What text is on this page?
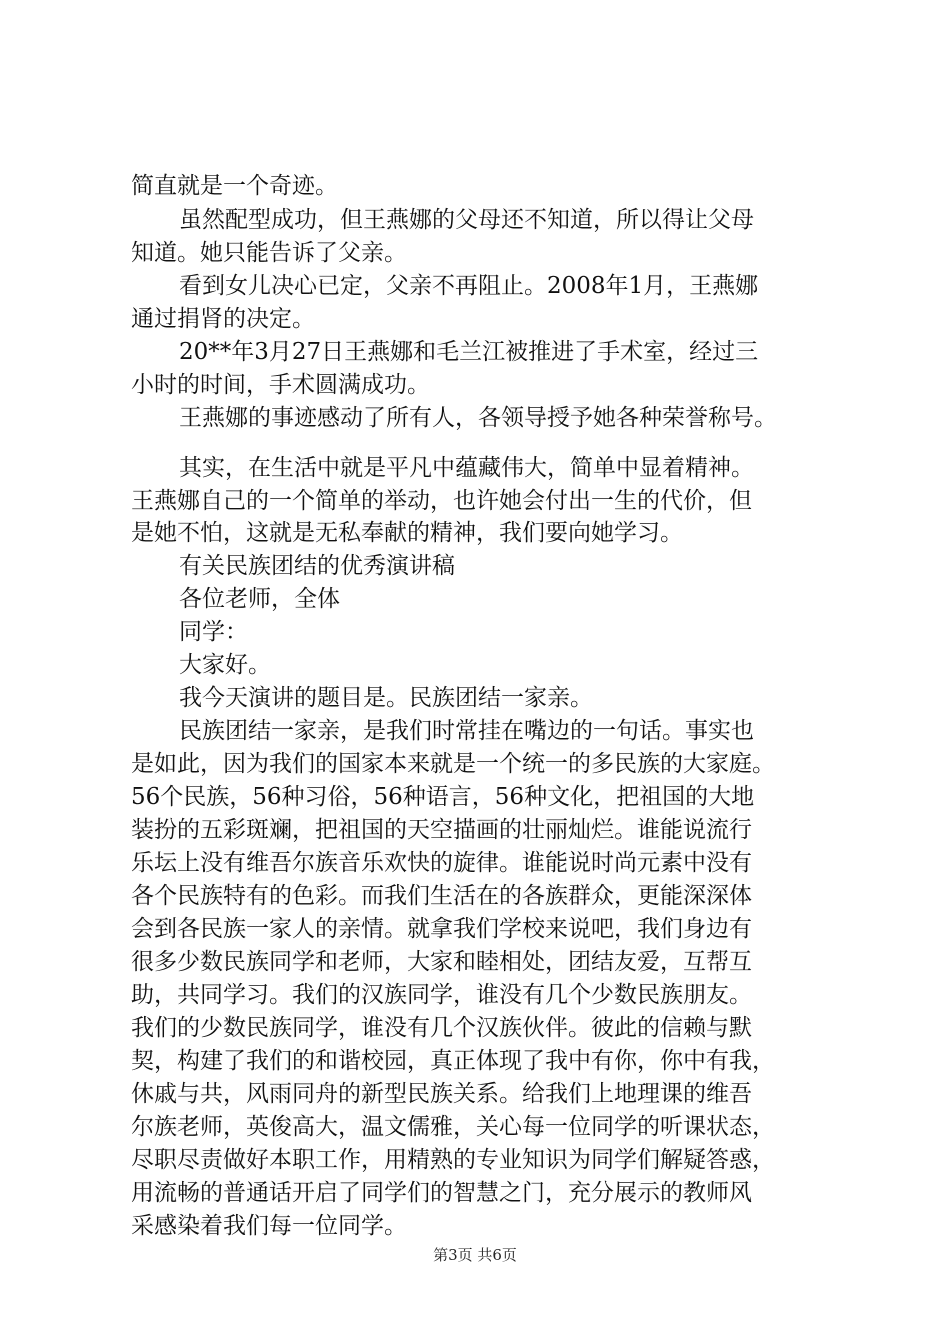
简直就是一个奇迹。
虽然配型成功，但王燕娜的父母还不知道，所以得让父母
知道。她只能告诉了父亲。
看到女儿决心已定，父亲不再阻止。2008年1月，王燕娜
通过捐肾的决定。
20**年3月27日王燕娜和毛兰江被推进了手术室，经过三
小时的时间，手术圆满成功。
王燕娜的事迹感动了所有人，各领导授予她各种荣誉称号。
其实，在生活中就是平凡中蕴藏伟大，简单中显着精神。
王燕娜自己的一个简单的举动，也许她会付出一生的代价，但
是她不怕，这就是无私奉献的精神，我们要向她学习。
有关民族团结的优秀演讲稿
各位老师，全体
同学：
大家好。
我今天演讲的题目是。民族团结一家亲。
民族团结一家亲，是我们时常挂在嘴边的一句话。事实也
是如此，因为我们的国家本来就是一个统一的多民族的大家庭。
56个民族，56种习俗，56种语言，56种文化，把祖国的大地
装扮的五彩斑斓，把祖国的天空描画的壮丽灿烂。谁能说流行
乐坛上没有维吾尔族音乐欢快的旋律。谁能说时尚元素中没有
各个民族特有的色彩。而我们生活在的各族群众，更能深深体
会到各民族一家人的亲情。就拿我们学校来说吧，我们身边有
很多少数民族同学和老师，大家和睦相处，团结友爱，互帮互
助，共同学习。我们的汉族同学，谁没有几个少数民族朋友。
我们的少数民族同学，谁没有几个汉族伙伴。彼此的信赖与默
契，构建了我们的和谐校园，真正体现了我中有你，你中有我，
休戚与共，风雨同舟的新型民族关系。给我们上地理课的维吾
尔族老师，英俊高大，温文儒雅，关心每一位同学的听课状态，
尽职尽责做好本职工作，用精熟的专业知识为同学们解疑答惑，
用流畅的普通话开启了同学们的智慧之门，充分展示的教师风
采感染着我们每一位同学。
第3页 共6页
